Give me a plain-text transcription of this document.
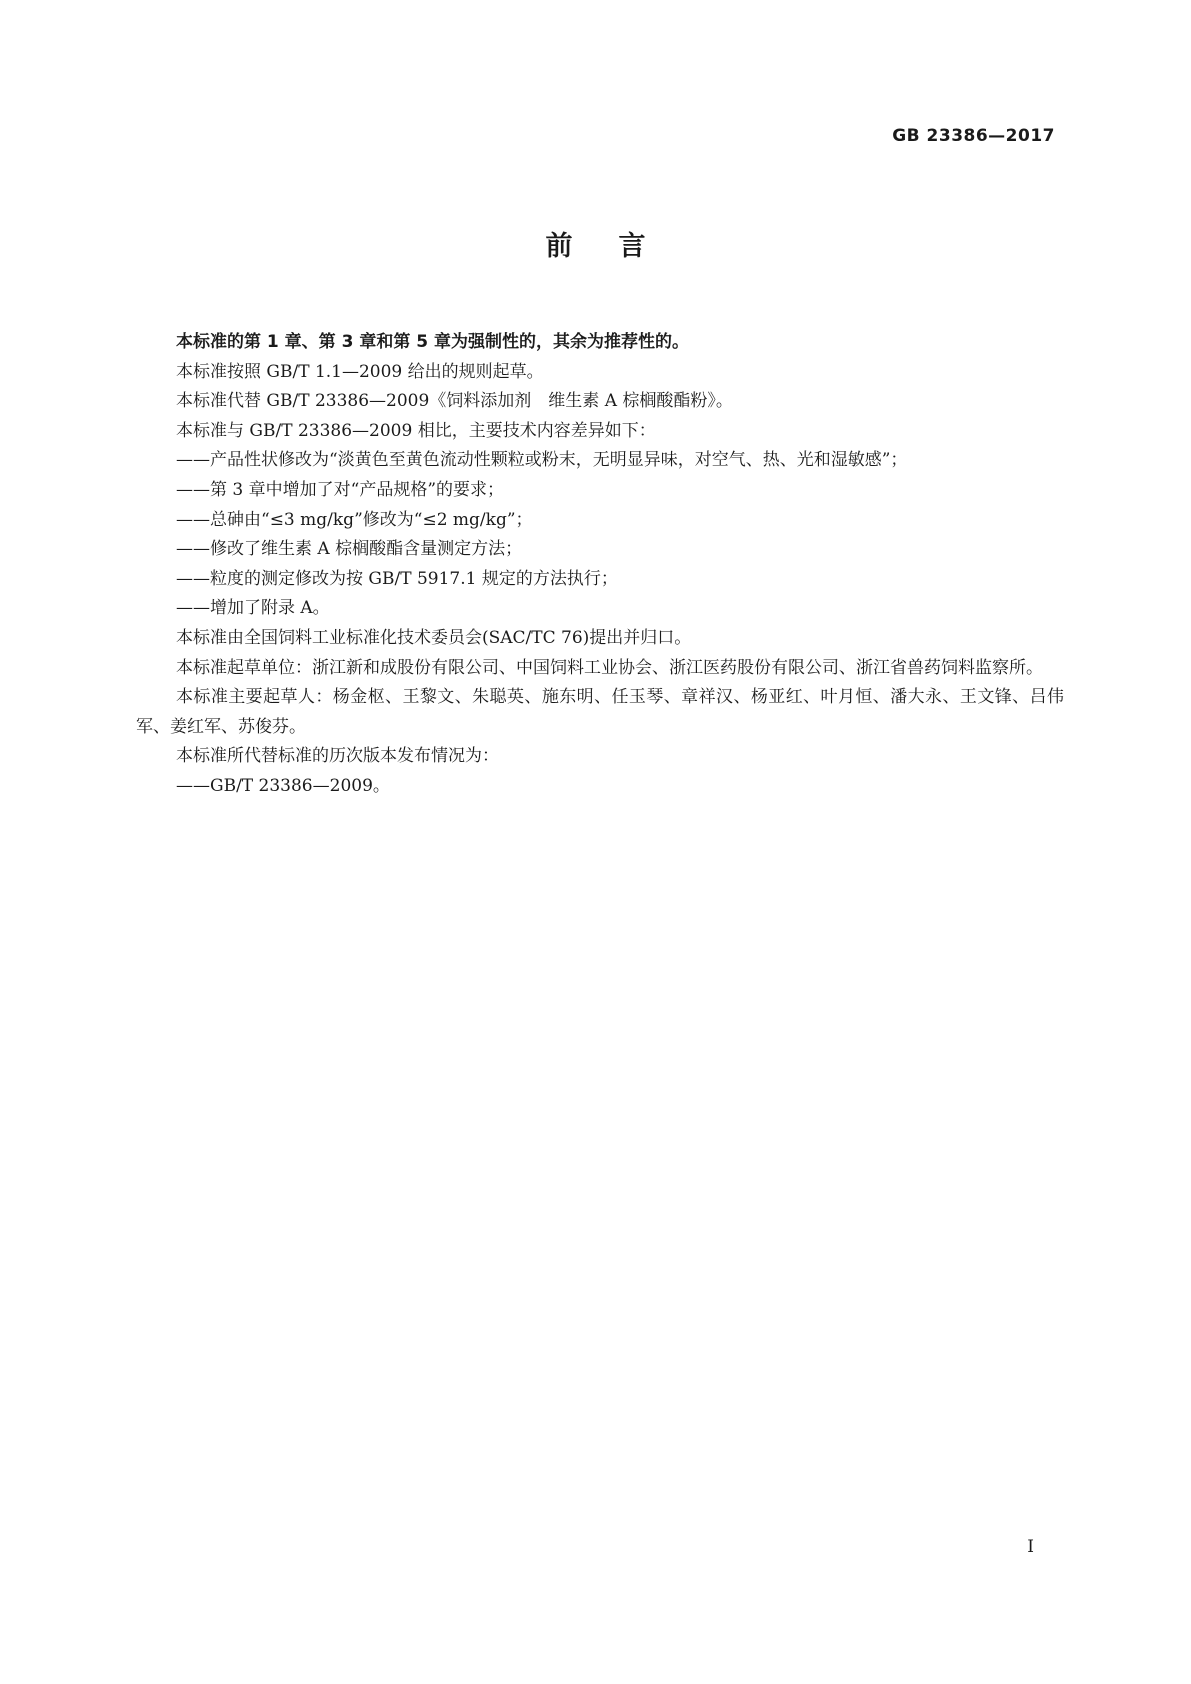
GB 23386—2017
前言

本标准的第 1 章、第 3 章和第 5 章为强制性的，其余为推荐性的。

本标准按照 GB/T 1.1—2009 给出的规则起草。

本标准代替 GB/T 23386—2009《饲料添加剂　维生素 A 棕榈酸酯粉》。

本标准与 GB/T 23386—2009 相比，主要技术内容差异如下：

——产品性状修改为“淡黄色至黄色流动性颗粒或粉末，无明显异味，对空气、热、光和湿敏感”；

——第 3 章中增加了对“产品规格”的要求；

——总砷由“≤3 mg/kg”修改为“≤2 mg/kg”；

——修改了维生素 A 棕榈酸酯含量测定方法；

——粒度的测定修改为按 GB/T 5917.1 规定的方法执行；

——增加了附录 A。

本标准由全国饲料工业标准化技术委员会(SAC/TC 76)提出并归口。

本标准起草单位：浙江新和成股份有限公司、中国饲料工业协会、浙江医药股份有限公司、浙江省兽药饲料监察所。

本标准主要起草人：杨金枢、王黎文、朱聪英、施东明、任玉琴、章祥汉、杨亚红、叶月恒、潘大永、王文锋、吕伟军、姜红军、苏俊芬。

本标准所代替标准的历次版本发布情况为：

——GB/T 23386—2009。

I
